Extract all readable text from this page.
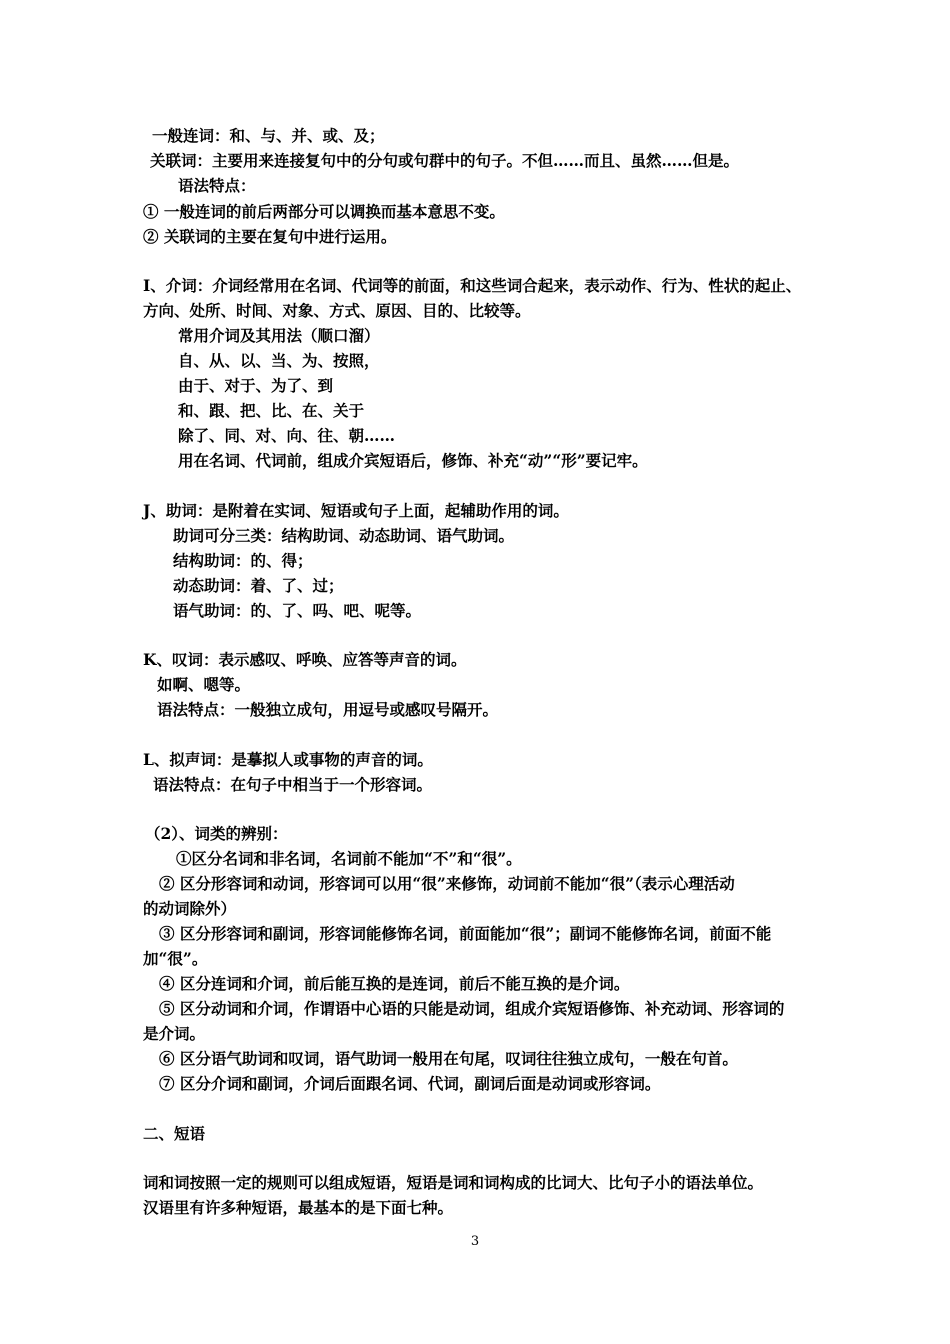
一般连词：和、与、并、或、及；
关联词：主要用来连接复句中的分句或句群中的句子。不但……而且、虽然……但是。
语法特点：
① 一般连词的前后两部分可以调换而基本意思不变。
② 关联词的主要在复句中进行运用。
I、介词：介词经常用在名词、代词等的前面，和这些词合起来，表示动作、行为、性状的起止、
方向、处所、时间、对象、方式、原因、目的、比较等。
常用介词及其用法（顺口溜）
自、从、以、当、为、按照，
由于、对于、为了、到
和、跟、把、比、在、关于
除了、同、对、向、往、朝……
用在名词、代词前，组成介宾短语后，修饰、补充“动”“形”要记牢。
J、助词：是附着在实词、短语或句子上面，起辅助作用的词。
助词可分三类：结构助词、动态助词、语气助词。
结构助词：的、得；
动态助词：着、了、过；
语气助词：的、了、吗、吧、呢等。
K、叹词：表示感叹、呼唤、应答等声音的词。
如啊、嗯等。
语法特点：一般独立成句，用逗号或感叹号隔开。
L、拟声词：是摹拟人或事物的声音的词。
语法特点：在句子中相当于一个形容词。
（2）、词类的辨别：
①区分名词和非名词，名词前不能加“不”和“很”。
② 区分形容词和动词，形容词可以用“很”来修饰，动词前不能加“很”（表示心理活动
的动词除外）
③ 区分形容词和副词，形容词能修饰名词，前面能加“很”；副词不能修饰名词，前面不能
加“很”。
④ 区分连词和介词，前后能互换的是连词，前后不能互换的是介词。
⑤ 区分动词和介词，作谓语中心语的只能是动词，组成介宾短语修饰、补充动词、形容词的
是介词。
⑥ 区分语气助词和叹词，语气助词一般用在句尾，叹词往往独立成句，一般在句首。
⑦ 区分介词和副词，介词后面跟名词、代词，副词后面是动词或形容词。
二、短语
词和词按照一定的规则可以组成短语，短语是词和词构成的比词大、比句子小的语法单位。
汉语里有许多种短语，最基本的是下面七种。
3
